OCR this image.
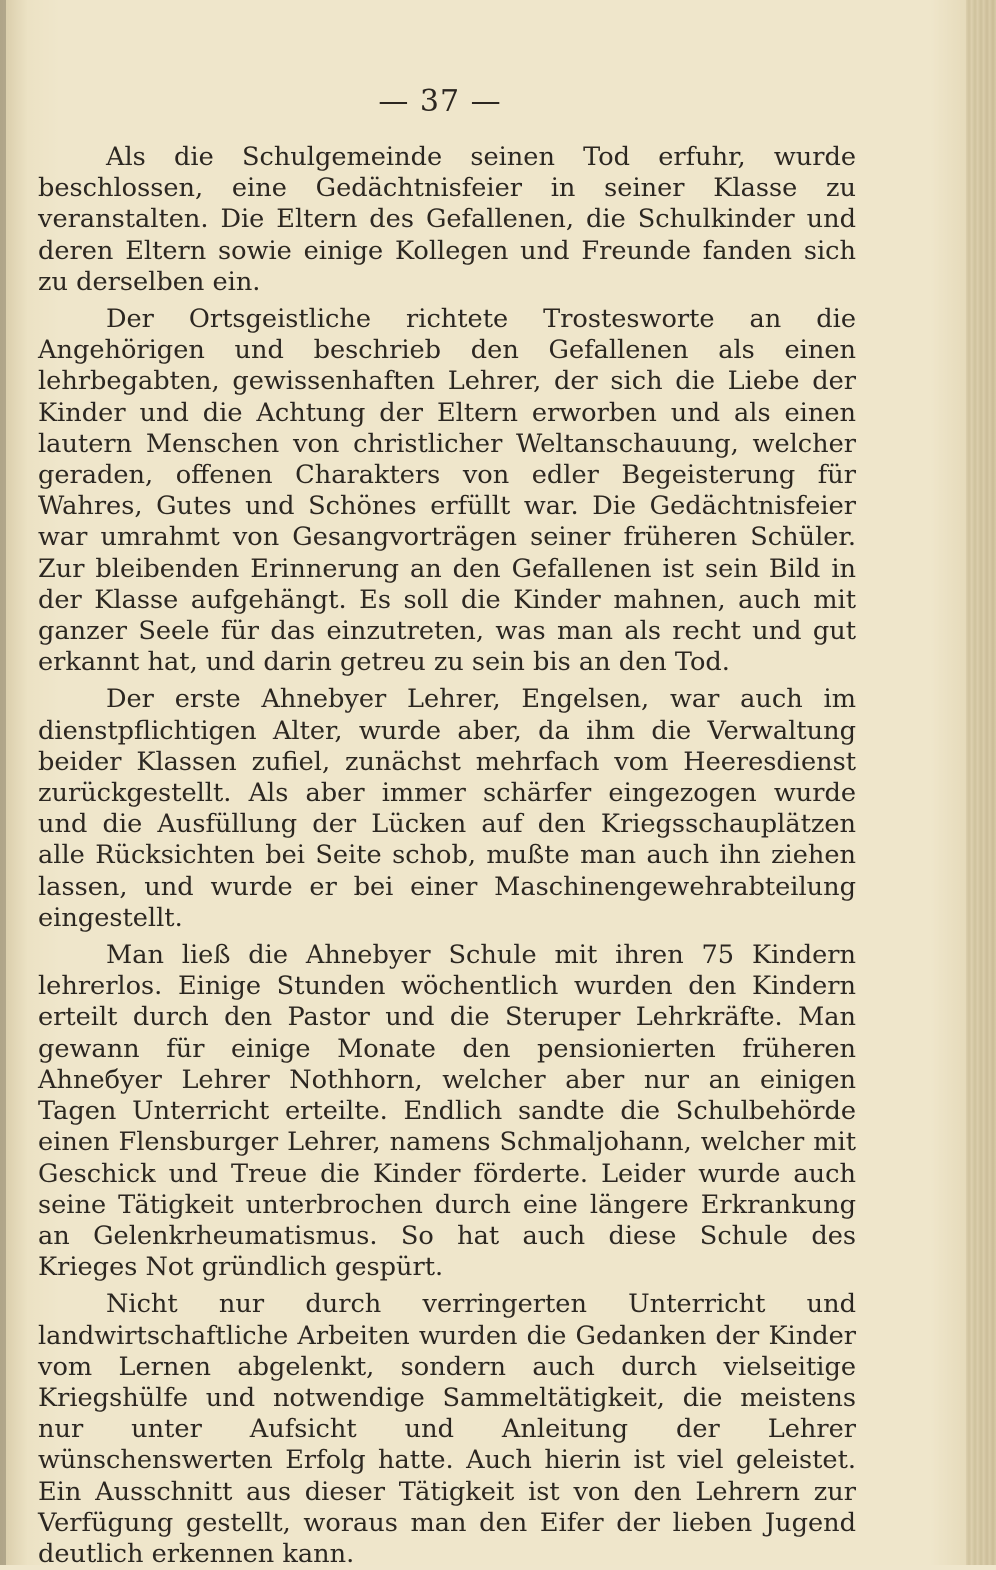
— 37 —

Als die Schulgemeinde seinen Tod erfuhr, wurde beschlossen, eine Gedächtnisfeier in seiner Klasse zu veranstalten. Die Eltern des Gefallenen, die Schulkinder und deren Eltern sowie einige Kollegen und Freunde fanden sich zu derselben ein.

Der Ortsgeistliche richtete Trostesworte an die Angehörigen und beschrieb den Gefallenen als einen lehrbegabten, gewissenhaften Lehrer, der sich die Liebe der Kinder und die Achtung der Eltern erworben und als einen lautern Menschen von christlicher Weltanschauung, welcher geraden, offenen Charakters von edler Begeisterung für Wahres, Gutes und Schönes erfüllt war. Die Gedächtnisfeier war umrahmt von Gesangvorträgen seiner früheren Schüler. Zur bleibenden Erinnerung an den Gefallenen ist sein Bild in der Klasse aufgehängt. Es soll die Kinder mahnen, auch mit ganzer Seele für das einzutreten, was man als recht und gut erkannt hat, und darin getreu zu sein bis an den Tod.

Der erste Ahnebyer Lehrer, Engelsen, war auch im dienstpflichtigen Alter, wurde aber, da ihm die Verwaltung beider Klassen zufiel, zunächst mehrfach vom Heeresdienst zurückgestellt. Als aber immer schärfer eingezogen wurde und die Ausfüllung der Lücken auf den Kriegsschauplätzen alle Rücksichten bei Seite schob, mußte man auch ihn ziehen lassen, und wurde er bei einer Maschinengewehrabteilung eingestellt.

Man ließ die Ahnebyer Schule mit ihren 75 Kindern lehrerlos. Einige Stunden wöchentlich wurden den Kindern erteilt durch den Pastor und die Steruper Lehrkräfte. Man gewann für einige Monate den pensionierten früheren Ahneбyer Lehrer Nothhorn, welcher aber nur an einigen Tagen Unterricht erteilte. Endlich sandte die Schulbehörde einen Flensburger Lehrer, namens Schmaljohann, welcher mit Geschick und Treue die Kinder förderte. Leider wurde auch seine Tätigkeit unterbrochen durch eine längere Erkrankung an Gelenkrheumatismus. So hat auch diese Schule des Krieges Not gründlich gespürt.

Nicht nur durch verringerten Unterricht und landwirtschaftliche Arbeiten wurden die Gedanken der Kinder vom Lernen abgelenkt, sondern auch durch vielseitige Kriegshülfe und notwendige Sammeltätigkeit, die meistens nur unter Aufsicht und Anleitung der Lehrer wünschenswerten Erfolg hatte. Auch hierin ist viel geleistet. Ein Ausschnitt aus dieser Tätigkeit ist von den Lehrern zur Verfügung gestellt, woraus man den Eifer der lieben Jugend deutlich erkennen kann.
